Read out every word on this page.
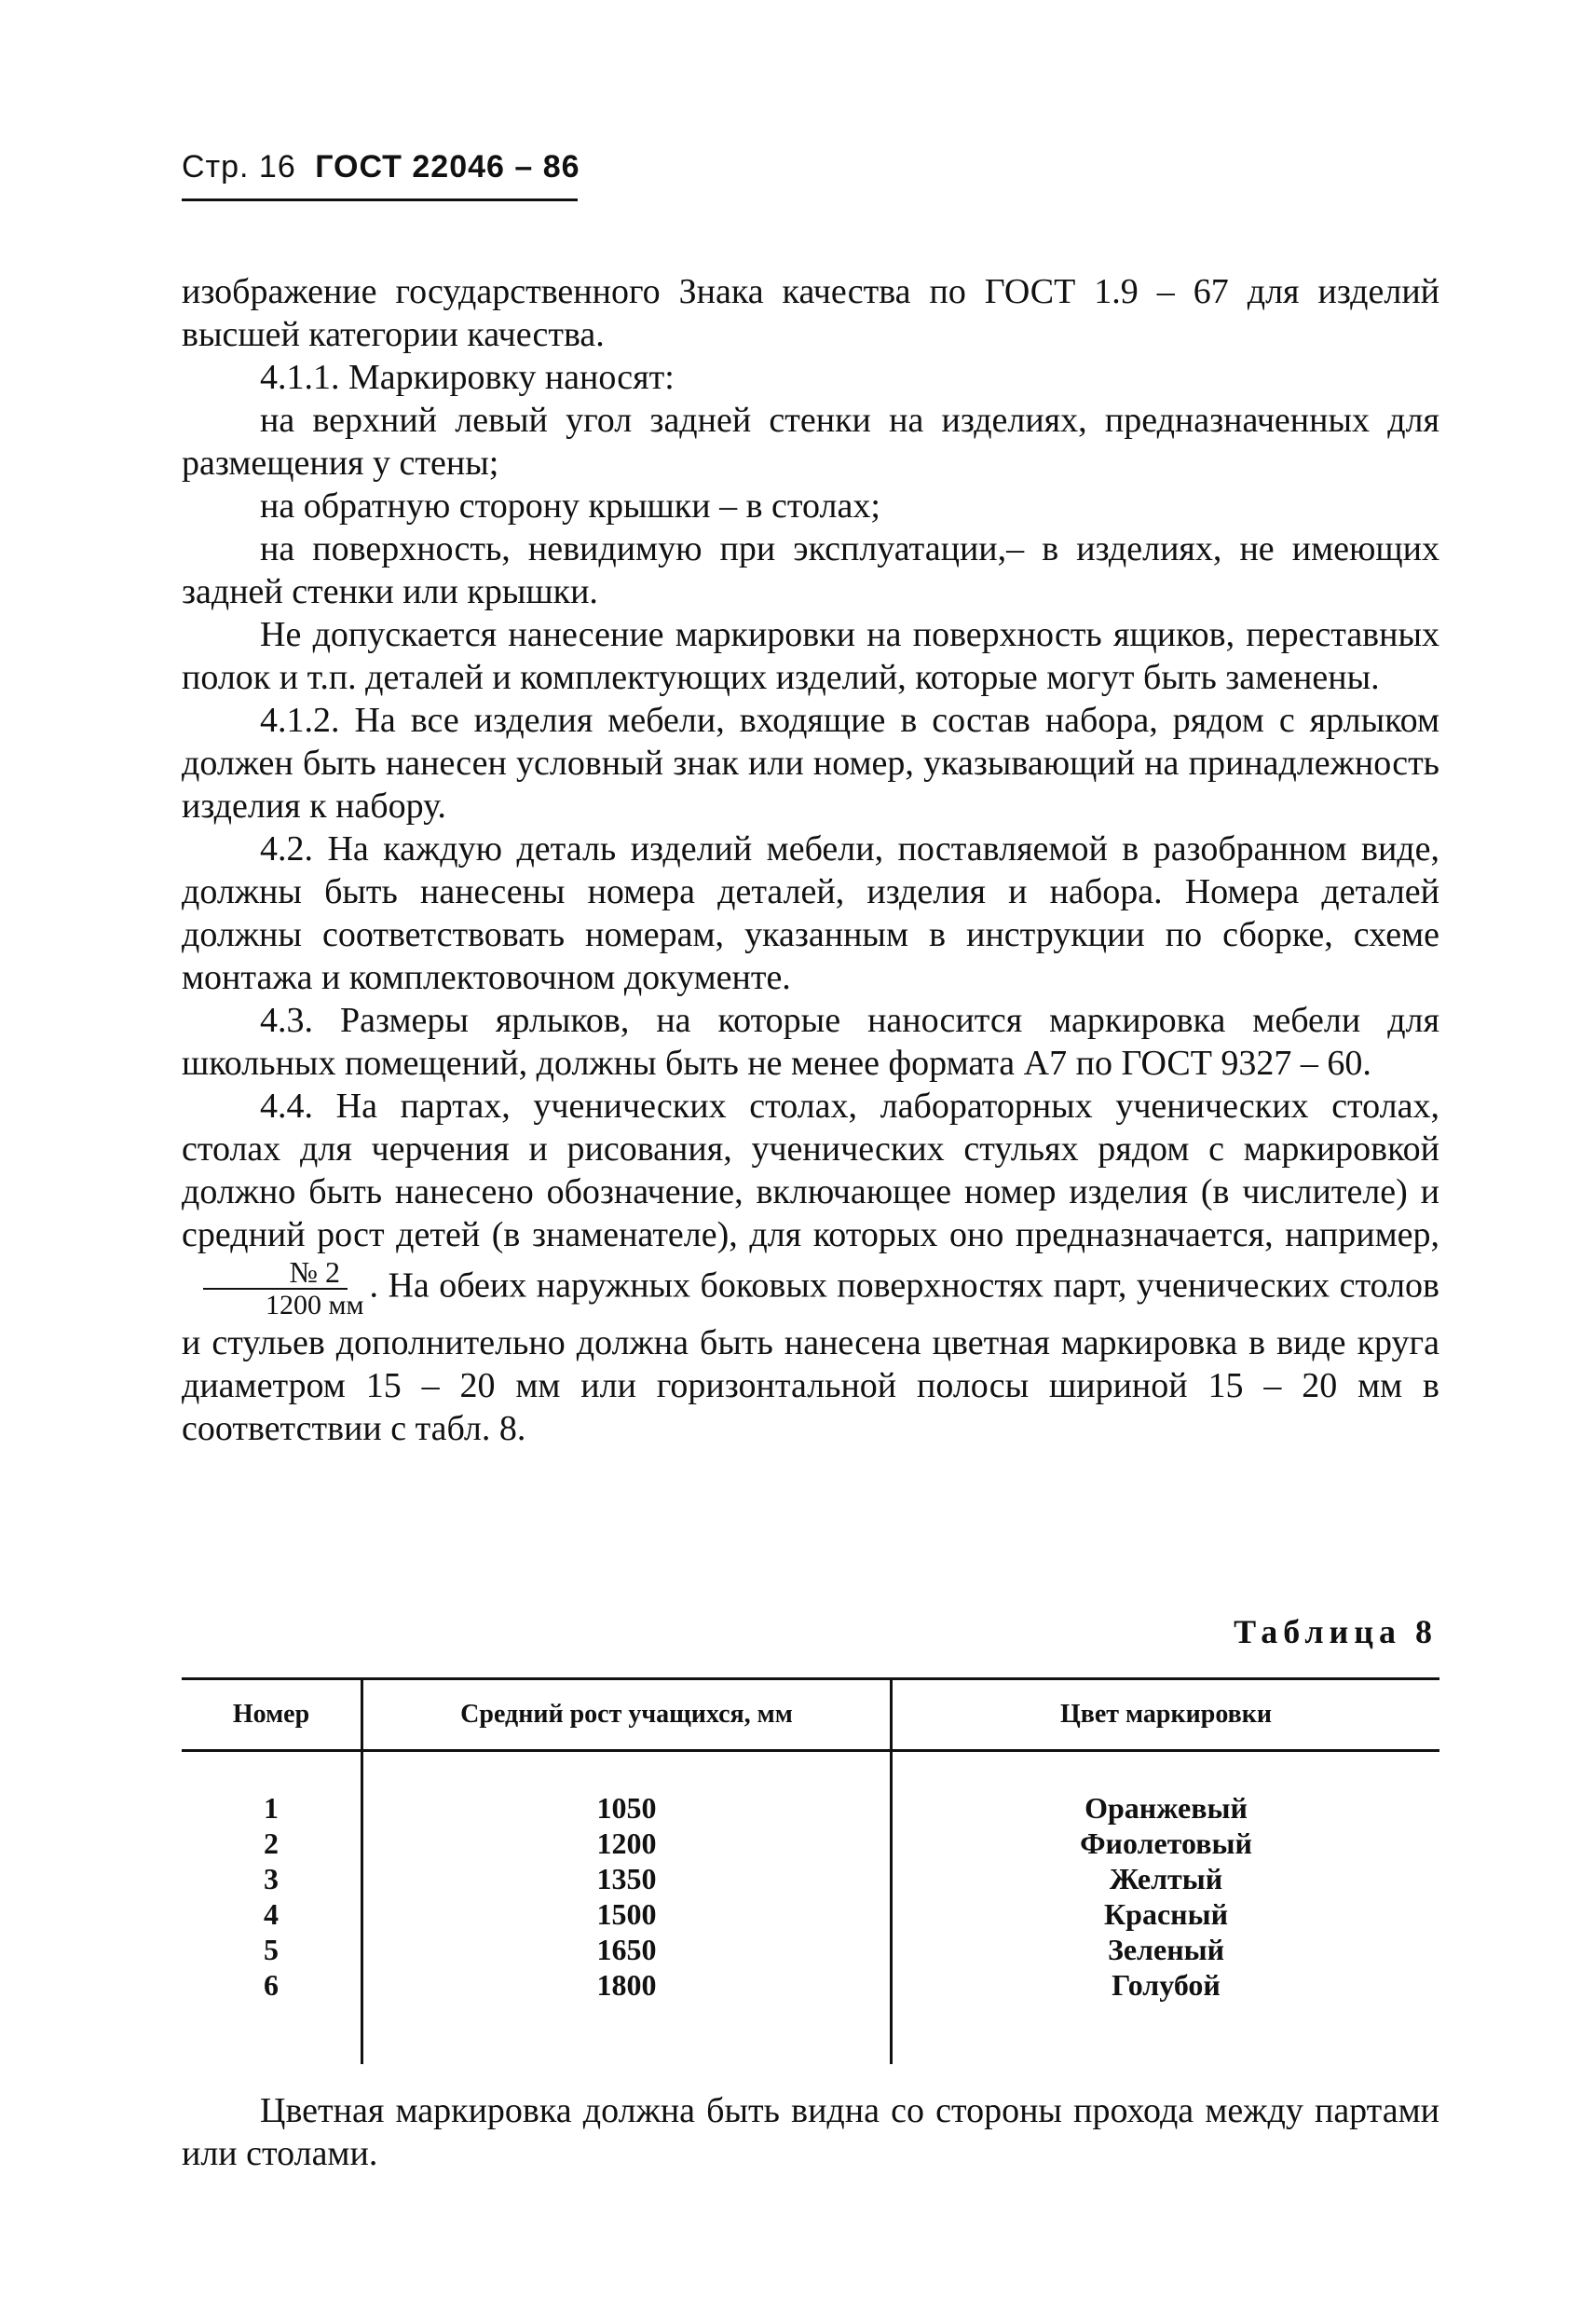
Стр. 16 ГОСТ 22046 – 86

изображение государственного Знака качества по ГОСТ 1.9 – 67 для изделий высшей категории качества.

4.1.1. Маркировку наносят:

на верхний левый угол задней стенки на изделиях, предназначенных для размещения у стены;

на обратную сторону крышки – в столах;

на поверхность, невидимую при эксплуатации,– в изделиях, не имеющих задней стенки или крышки.

Не допускается нанесение маркировки на поверхность ящиков, переставных полок и т.п. деталей и комплектующих изделий, которые могут быть заменены.

4.1.2. На все изделия мебели, входящие в состав набора, рядом с ярлыком должен быть нанесен условный знак или номер, указывающий на принадлежность изделия к набору.

4.2. На каждую деталь изделий мебели, поставляемой в разобранном виде, должны быть нанесены номера деталей, изделия и набора. Номера деталей должны соответствовать номерам, указанным в инструкции по сборке, схеме монтажа и комплектовочном документе.

4.3. Размеры ярлыков, на которые наносится маркировка мебели для школьных помещений, должны быть не менее формата А7 по ГОСТ 9327 – 60.

4.4. На партах, ученических столах, лабораторных ученических столах, столах для черчения и рисования, ученических стульях рядом с маркировкой должно быть нанесено обозначение, включающее номер изделия (в числителе) и средний рост детей (в знаменателе), для которых оно предназначается, например,
$\frac{№ 2}{1200 мм}$ . На обеих наружных боковых поверхностях парт, ученических столов и стульев дополнительно должна быть нанесена цветная маркировка в виде круга диаметром 15 – 20 мм или горизонтальной полосы шириной 15 – 20 мм в соответствии с табл. 8.

Таблица 8
Номер	Средний рост учащихся, мм	Цвет маркировки
1	1050	Оранжевый
2	1200	Фиолетовый
3	1350	Желтый
4	1500	Красный
5	1650	Зеленый
6	1800	Голубой

Цветная маркировка должна быть видна со стороны прохода между партами или столами.
